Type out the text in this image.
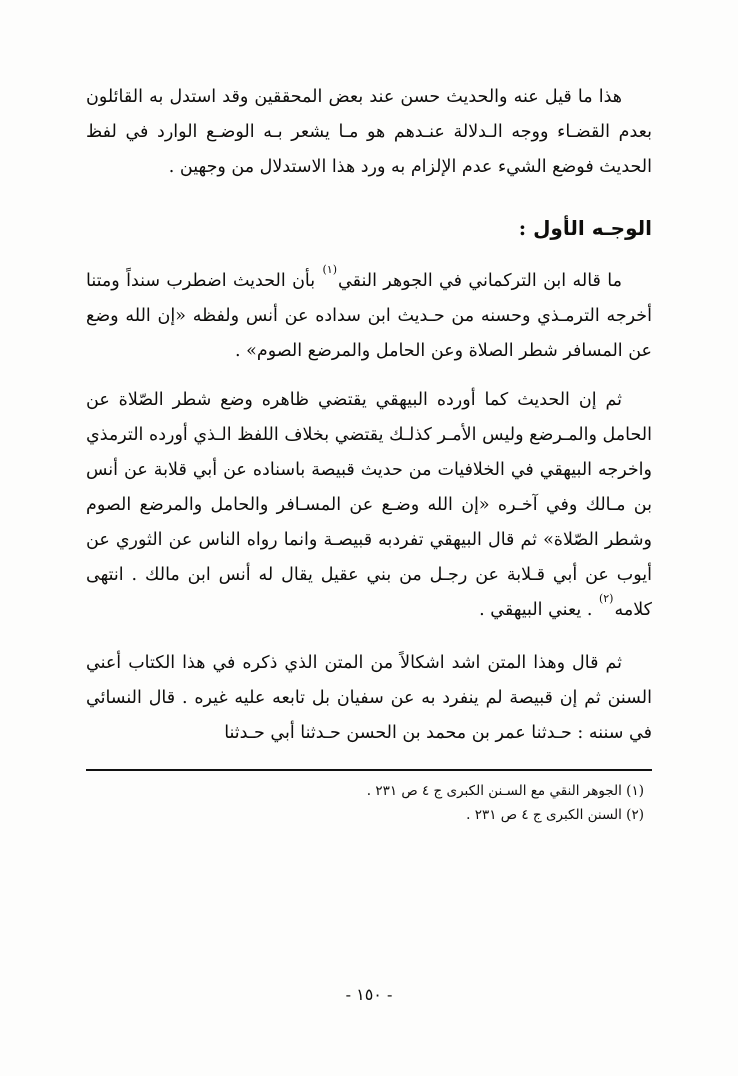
هذا ما قيل عنه والحديث حسن عند بعض المحققين وقد استدل به القائلون بعدم القضـاء ووجه الـدلالة عنـدهم هو مـا يشعر بـه الوضـع الوارد في لفظ الحديث فوضع الشيء عدم الإلزام به ورد هذا الاستدلال من وجهين .

الوجـه الأول :

ما قاله ابن التركماني في الجوهر النقي$^{(١)}$ بأن الحديث اضطرب سنداً ومتنا أخرجه الترمـذي وحسنه من حـديث ابن سداده عن أنس ولفظه «إن الله وضع عن المسافر شطر الصلاة وعن الحامل والمرضع الصوم» .

ثم إن الحديث كما أورده البيهقي يقتضي ظاهره وضع شطر الصّلاة عن الحامل والمـرضع وليس الأمـر كذلـك يقتضي بخلاف اللفظ الـذي أورده الترمذي واخرجه البيهقي في الخلافيات من حديث قبيصة باسناده عن أبي قلابة عن أنس بن مـالك وفي آخـره «إن الله وضـع عن المسـافر والحامل والمرضع الصوم وشطر الصّلاة» ثم قال البيهقي تفردبه قبيصـة وانما رواه الناس عن الثوري عن أيوب عن أبي قـلابة عن رجـل من بني عقيل يقال له أنس ابن مالك . انتهى كلامه$^{(٢)}$ . يعني البيهقي .

ثم قال وهذا المتن اشد اشكالاً من المتن الذي ذكره في هذا الكتاب أعني السنن ثم إن قبيصة لم ينفرد به عن سفيان بل تابعه عليه غيره . قال النسائي في سننه : حـدثنا عمر بن محمد بن الحسن حـدثنا أبي حـدثنا

(١) الجوهر النقي مع السـنن الكبرى ج ٤ ص ٢٣١ .

(٢) السنن الكبرى ج ٤ ص ٢٣١ .

- ١٥٠ -
